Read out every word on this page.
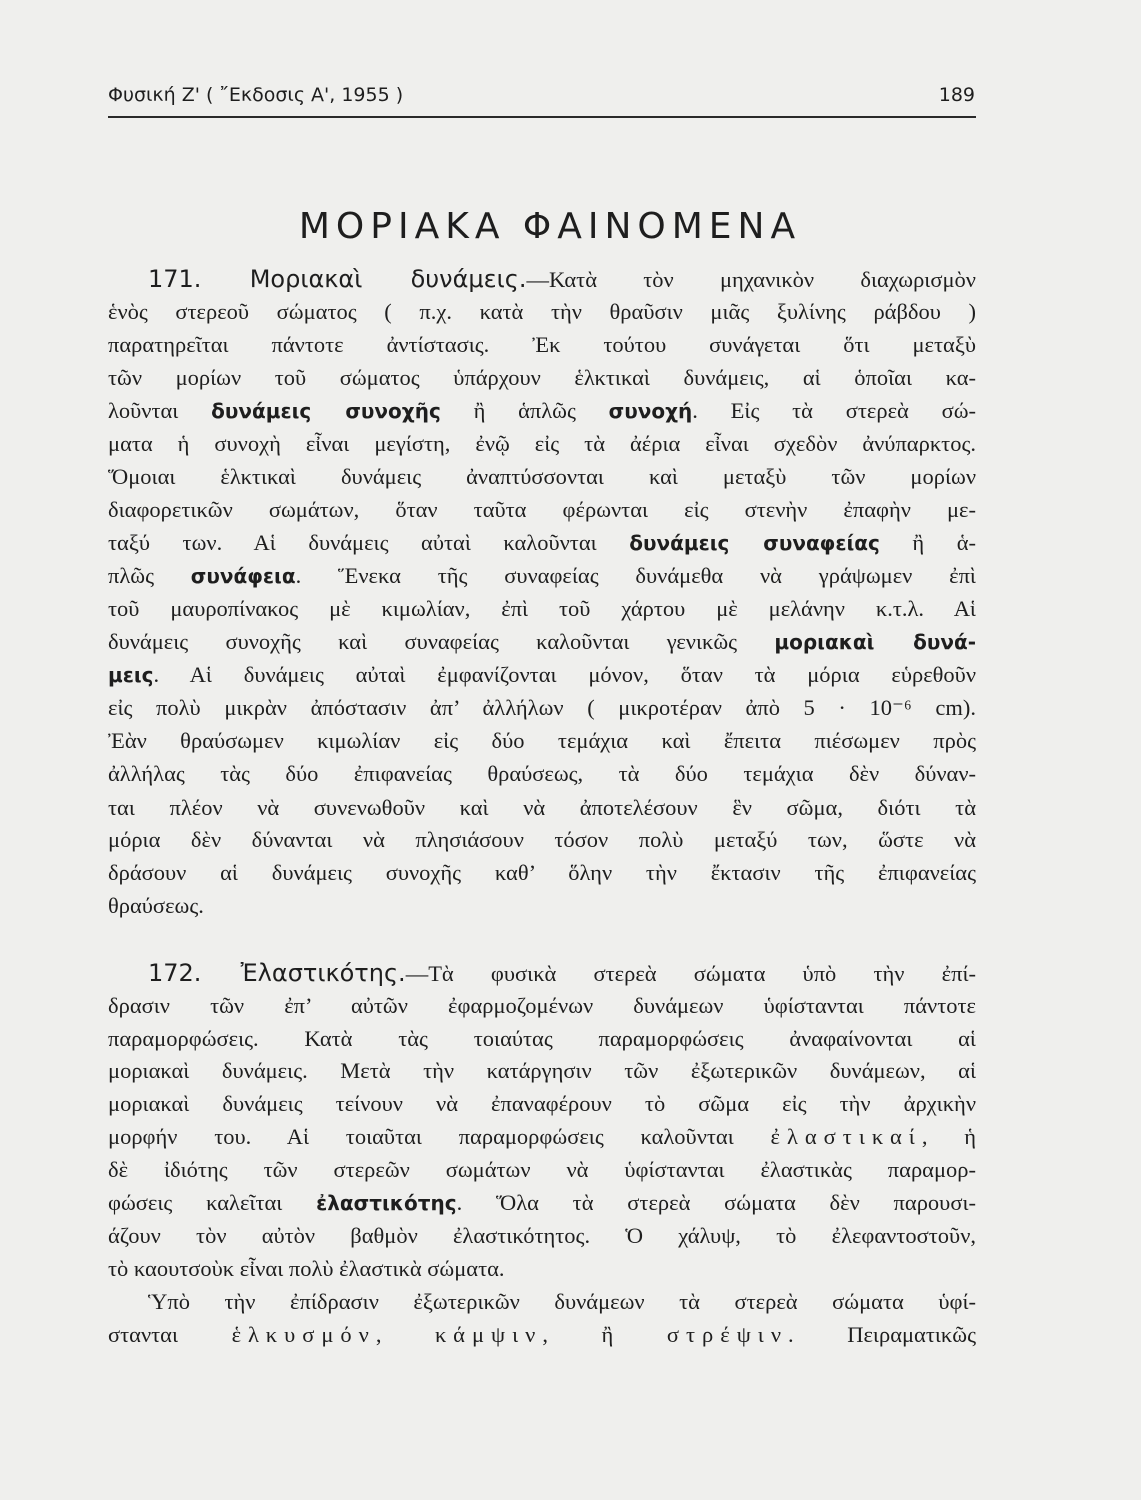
Φυσική Ζ' ( ῎Εκδοσις Α', 1955 )	189
ΜΟΡΙΑΚΑ ΦΑΙΝΟΜΕΝΑ
171. Μοριακαὶ δυνάμεις.—Κατὰ τὸν μηχανικὸν διαχωρισμὸν
ἑνὸς στερεοῦ σώματος ( π.χ. κατὰ τὴν θραῦσιν μιᾶς ξυλίνης ράβδου )
παρατηρεῖται πάντοτε ἀντίστασις. Ἐκ τούτου συνάγεται ὅτι μεταξὺ
τῶν μορίων τοῦ σώματος ὑπάρχουν ἑλκτικαὶ δυνάμεις, αἱ ὁποῖαι κα-
λοῦνται δυνάμεις συνοχῆς ἢ ἁπλῶς συνοχή. Εἰς τὰ στερεὰ σώ-
ματα ἡ συνοχὴ εἶναι μεγίστη, ἐνῷ εἰς τὰ ἀέρια εἶναι σχεδὸν ἀνύπαρκτος.
Ὅμοιαι ἑλκτικαὶ δυνάμεις ἀναπτύσσονται καὶ μεταξὺ τῶν μορίων
διαφορετικῶν σωμάτων, ὅταν ταῦτα φέρωνται εἰς στενὴν ἐπαφὴν με-
ταξύ των. Αἱ δυνάμεις αὐταὶ καλοῦνται δυνάμεις συναφείας ἢ ἁ-
πλῶς συνάφεια. Ἕνεκα τῆς συναφείας δυνάμεθα νὰ γράψωμεν ἐπὶ
τοῦ μαυροπίνακος μὲ κιμωλίαν, ἐπὶ τοῦ χάρτου μὲ μελάνην κ.τ.λ. Αἱ
δυνάμεις συνοχῆς καὶ συναφείας καλοῦνται γενικῶς μοριακαὶ δυνά-
μεις. Αἱ δυνάμεις αὐταὶ ἐμφανίζονται μόνον, ὅταν τὰ μόρια εὑρεθοῦν
εἰς πολὺ μικρὰν ἀπόστασιν ἀπ’ ἀλλήλων ( μικροτέραν ἀπὸ 5 · 10⁻⁶ cm).
Ἐὰν θραύσωμεν κιμωλίαν εἰς δύο τεμάχια καὶ ἔπειτα πιέσωμεν πρὸς
ἀλλήλας τὰς δύο ἐπιφανείας θραύσεως, τὰ δύο τεμάχια δὲν δύναν-
ται πλέον νὰ συνενωθοῦν καὶ νὰ ἀποτελέσουν ἓν σῶμα, διότι τὰ
μόρια δὲν δύνανται νὰ πλησιάσουν τόσον πολὺ μεταξύ των, ὥστε νὰ
δράσουν αἱ δυνάμεις συνοχῆς καθ’ ὅλην τὴν ἔκτασιν τῆς ἐπιφανείας
θραύσεως.
172. Ἐλαστικότης.—Τὰ φυσικὰ στερεὰ σώματα ὑπὸ τὴν ἐπί-
δρασιν τῶν ἐπ’ αὐτῶν ἐφαρμοζομένων δυνάμεων ὑφίστανται πάντοτε
παραμορφώσεις. Κατὰ τὰς τοιαύτας παραμορφώσεις ἀναφαίνονται αἱ
μοριακαὶ δυνάμεις. Μετὰ τὴν κατάργησιν τῶν ἐξωτερικῶν δυνάμεων, αἱ
μοριακαὶ δυνάμεις τείνουν νὰ ἐπαναφέρουν τὸ σῶμα εἰς τὴν ἀρχικὴν
μορφήν του. Αἱ τοιαῦται παραμορφώσεις καλοῦνται ἐλαστικαί, ἡ
δὲ ἰδιότης τῶν στερεῶν σωμάτων νὰ ὑφίστανται ἐλαστικὰς παραμορ-
φώσεις καλεῖται ἐλαστικότης. Ὅλα τὰ στερεὰ σώματα δὲν παρουσι-
άζουν τὸν αὐτὸν βαθμὸν ἐλαστικότητος. Ὁ χάλυψ, τὸ ἐλεφαντοστοῦν,
τὸ καουτσοὺκ εἶναι πολὺ ἐλαστικὰ σώματα.
Ὑπὸ τὴν ἐπίδρασιν ἐξωτερικῶν δυνάμεων τὰ στερεὰ σώματα ὑφί-
στανται ἑλκυσμόν, κάμψιν, ἢ στρέψιν. Πειραματικῶς
